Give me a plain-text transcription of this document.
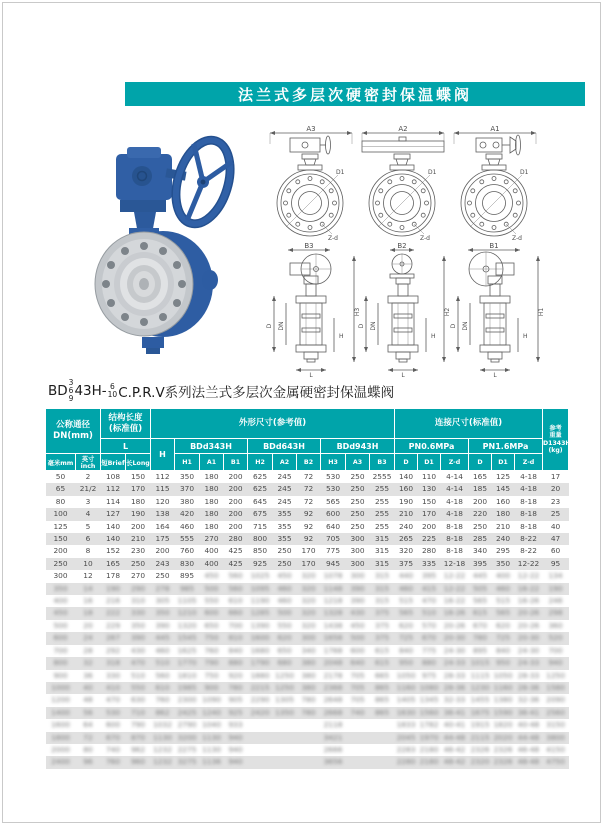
法兰式多层次硬密封保温蝶阀
A3
D1
Z-d
A2
D1
Z-d
A1
D1
Z-d
B3
D DN
H
H3
L
B2
D DN
H
H2
L
B1
D DN
H
H1
L
BD
3
6
9 43H- 6
10 C.P.R.V系列法兰式多层次金属硬密封保温蝶阀
公称通径
DN(mm)

结构长度
(标准值)
	外形尺寸(参考值)	连接尺寸(标准值)	
参考
重量
D1343H
(kg)

		L		H	BDd343H			BDd643H			BDd943H			PN0.6MPa			PN1.6MPa			
毫米mm	英寸inch	短Brief	长Long		H1	A1	B1	H2	A2	B2	H3	A3	B3	D	D1	Z-d	D	D1	Z-d	
50	2	108	150	112	350	180	200	625	245	72	530	250	2555	140	110	4-14	165	125	4-18	17
65	21/2	112	170	115	370	180	200	625	245	72	530	250	255	160	130	4-14	185	145	4-18	20
80	3	114	180	120	380	180	200	645	245	72	565	250	255	190	150	4-18	200	160	8-18	23
100	4	127	190	138	420	180	200	675	355	92	600	250	255	210	170	4-18	220	180	8-18	25
125	5	140	200	164	460	180	200	715	355	92	640	250	255	240	200	8-18	250	210	8-18	40
150	6	140	210	175	555	270	280	800	355	92	705	300	315	265	225	8-18	285	240	8-22	47
200	8	152	230	200	760	400	425	850	250	170	775	300	315	320	280	8-18	340	295	8-22	60
250	10	165	250	243	830	400	425	925	250	170	945	300	315	375	335	12-18	395	350	12-22	95
300	12	178	270	250	895	450	560	1025	450	320	1078	300	315	440	395	12-22	445	400	12-22	134
350	14	190	290	278	985	500	560	1095	460	320	1148	390	315	460	415	12-22	505	460	16-22	190
400	16	216	310	305	1105	550	610	1190	460	320	1218	390	315	515	470	16-22	565	515	16-26	246
450	18	222	330	350	1210	600	660	1285	500	320	1328	430	375	565	510	16-26	615	565	20-26	298
500	20	229	350	390	1320	650	700	1390	550	320	1438	450	375	620	570	20-26	670	620	20-26	360
600	24	267	390	445	1545	750	810	1600	620	300	1658	500	375	725	670	20-30	780	725	20-30	520
700	28	292	430	460	1625	760	840	1680	650	340	1768	600	615	840	775	24-30	895	840	24-30	700
800	32	318	470	510	1770	790	880	1790	680	380	2048	640	615	950	880	24-33	1015	950	24-33	940
900	36	330	510	560	1810	750	920	1880	1250	380	2178	705	665	1050	975	28-33	1115	1050	28-33	1250
1000	40	410	550	610	1985	900	780	2215	1250	380	2368	705	865	1160	1080	28-36	1230	1160	28-36	1580
1200	48	470	630	760	2300	1090	905	2290	1305	780	2648	705	865	1405	1345	32-33	1455	1380	32-36	2090
1400	56	530	710	862	2425	1240	925	2420	1350	780	2668	740	865	1630	1560	36-41	1675	1590	36-41	2560
1600	64	600	790	1032	2790	1040	933				2118			1833	1782	40-41	1915	1820	40-48	3150
1800	72	670	870	1130	3200	1130	940				3421			2045	1970	44-48	2115	2020	44-48	3800
2000	80	740	962	1232	2275	1130	940				2666			2283	2180	46-42	2326	2326	46-48	4150
2400	96	760	960	1232	3275	1136	940				3656			2280	2180	48-42	2320	2326	48-48	4750
